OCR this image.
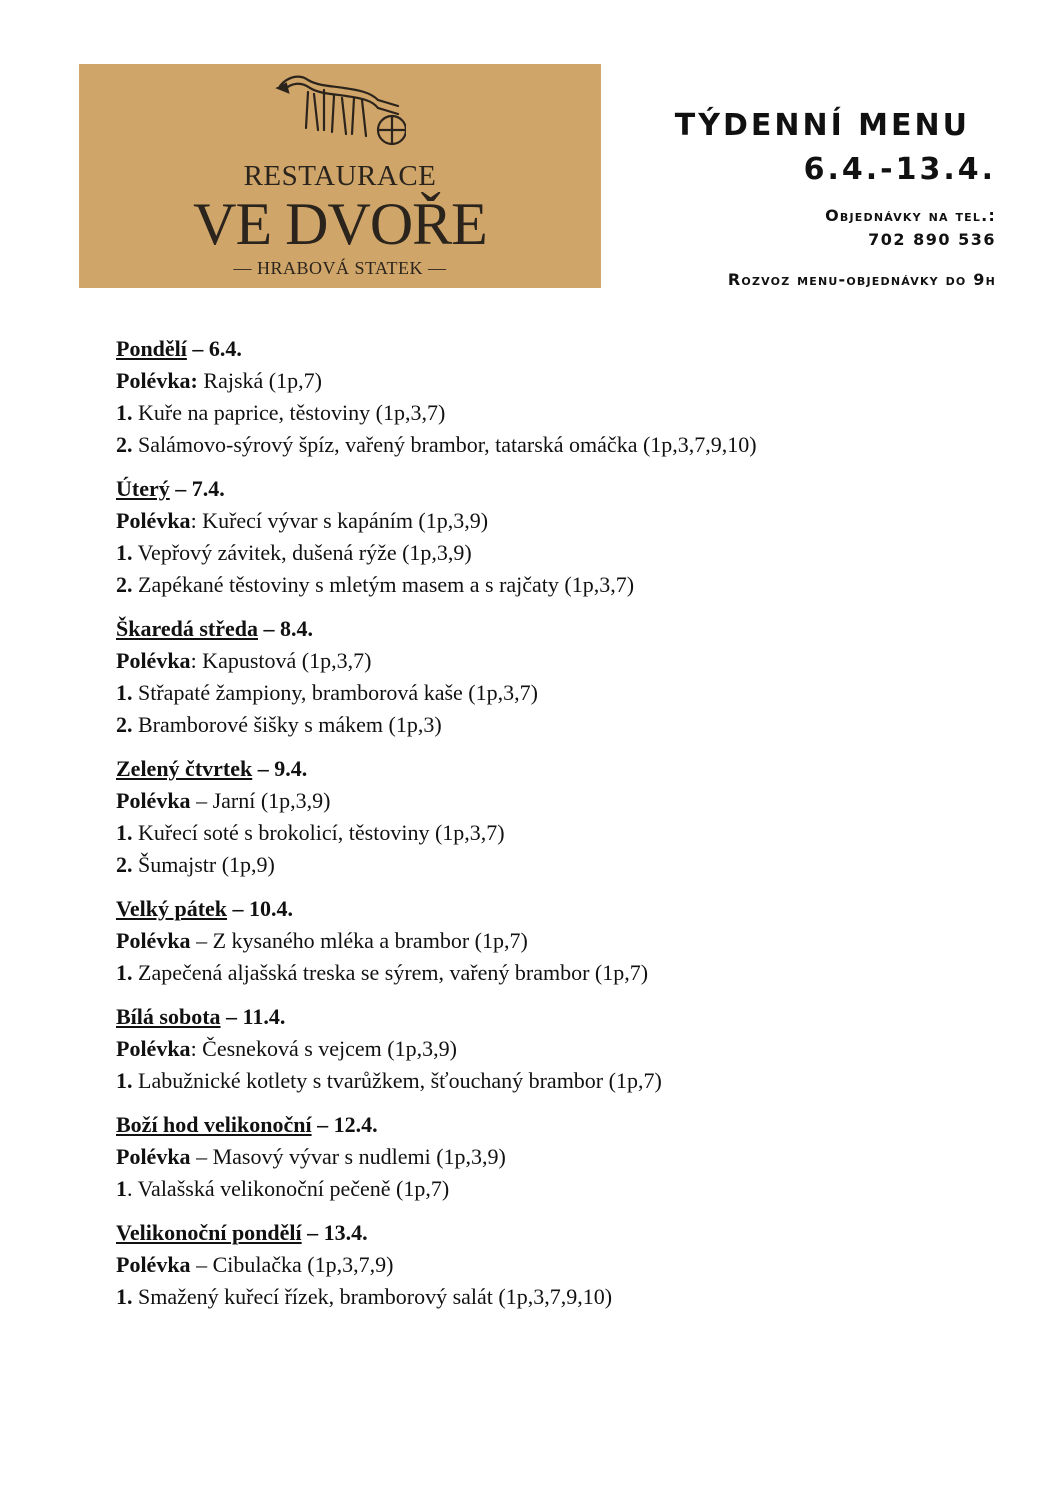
RESTAURACE
VE DVOŘE
— HRABOVÁ STATEK —
TÝDENNÍ MENU
6.4.-13.4.
Objednávky na tel.:
702 890 536
Rozvoz menu-objednávky do 9h
Pondělí – 6.4.
Polévka: Rajská (1p,7)
1. Kuře na paprice, těstoviny (1p,3,7)
2. Salámovo-sýrový špíz, vařený brambor, tatarská omáčka (1p,3,7,9,10)
Úterý – 7.4.
Polévka: Kuřecí vývar s kapáním (1p,3,9)
1. Vepřový závitek, dušená rýže (1p,3,9)
2. Zapékané těstoviny s mletým masem a s rajčaty (1p,3,7)
Škaredá středa – 8.4.
Polévka: Kapustová (1p,3,7)
1. Střapaté žampiony, bramborová kaše (1p,3,7)
2. Bramborové šišky s mákem (1p,3)
Zelený čtvrtek – 9.4.
Polévka – Jarní (1p,3,9)
1. Kuřecí soté s brokolicí, těstoviny (1p,3,7)
2. Šumajstr (1p,9)
Velký pátek – 10.4.
Polévka – Z kysaného mléka a brambor (1p,7)
1. Zapečená aljašská treska se sýrem, vařený brambor (1p,7)
Bílá sobota – 11.4.
Polévka: Česneková s vejcem (1p,3,9)
1. Labužnické kotlety s tvarůžkem, šťouchaný brambor (1p,7)
Boží hod velikonoční – 12.4.
Polévka – Masový vývar s nudlemi (1p,3,9)
1. Valašská velikonoční pečeně (1p,7)
Velikonoční pondělí – 13.4.
Polévka – Cibulačka (1p,3,7,9)
1. Smažený kuřecí řízek, bramborový salát (1p,3,7,9,10)
